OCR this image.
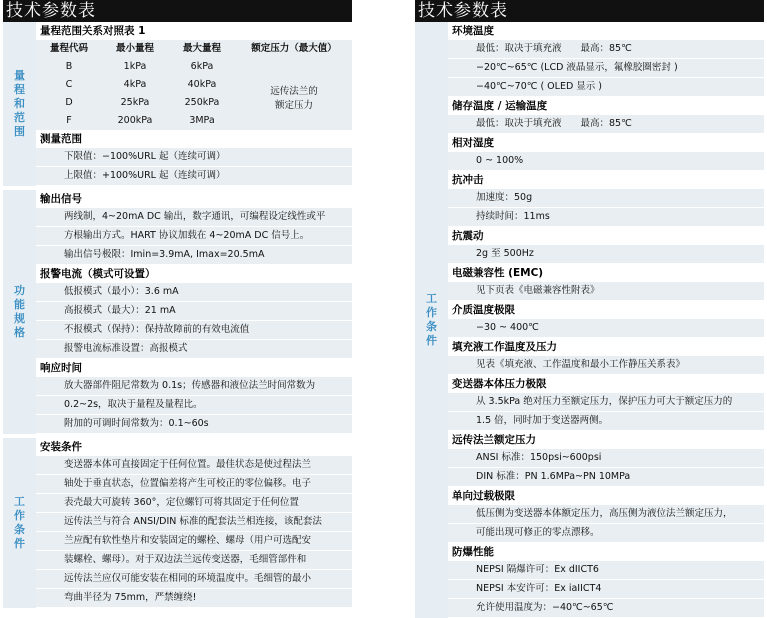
技术参数表
量
程
和
范
围
量程范围关系对照表 1
量程代码	最小量程	最大量程	额定压力（最大值）
B	1kPa	6kPa
C	4kPa	40kPa
D	25kPa	250kPa
F	200kPa	3MPa
远传法兰的
额定压力
测量范围
下限值：−100%URL 起（连续可调）
上限值：+100%URL 起（连续可调）
功
能
规
格
输出信号
两线制，4~20mA DC 输出，数字通讯，可编程设定线性或平
方根输出方式。HART 协议加载在 4~20mA DC 信号上。
输出信号极限：Imin=3.9mA, Imax=20.5mA
报警电流（模式可设置）
低报模式（最小）：3.6 mA
高报模式（最大）：21 mA
不报模式（保持）：保持故障前的有效电流值
报警电流标准设置：高报模式
响应时间
放大器部件阻尼常数为 0.1s；传感器和液位法兰时间常数为
0.2~2s，取决于量程及量程比。
附加的可调时间常数为：0.1~60s
工
作
条
件
安装条件
变送器本体可直接固定于任何位置。最佳状态是使过程法兰
轴处于垂直状态，位置偏差将产生可校正的零位偏移。电子
表壳最大可旋转 360°，定位螺钉可将其固定于任何位置
远传法兰与符合 ANSI/DIN 标准的配套法兰相连接，该配套法
兰应配有软性垫片和安装固定的螺栓、螺母（用户可选配安
装螺栓、螺母）。对于双边法兰远传变送器，毛细管部件和
远传法兰应仅可能安装在相同的环境温度中。毛细管的最小
弯曲半径为 75mm，严禁缠绕!
技术参数表
工
作
条
件
环境温度
最低：取决于填充液　　最高：85℃
−20℃~65℃ (LCD 液晶显示，氟橡胶圈密封 )
−40℃~70℃ ( OLED 显示 )
储存温度 / 运输温度
最低：取决于填充液　　最高：85℃
相对湿度
0 ~ 100%
抗冲击
加速度：50g
持续时间：11ms
抗震动
2g 至 500Hz
电磁兼容性 (EMC)
见下页表《电磁兼容性附表》
介质温度极限
−30 ~ 400℃
填充液工作温度及压力
见表《填充液、工作温度和最小工作静压关系表》
变送器本体压力极限
从 3.5kPa 绝对压力至额定压力，保护压力可大于额定压力的
1.5 倍，同时加于变送器两侧。
远传法兰额定压力
ANSI 标准：150psi~600psi
DIN 标准：PN 1.6MPa~PN 10MPa
单向过载极限
低压侧为变送器本体额定压力，高压侧为液位法兰额定压力，
可能出现可修正的零点漂移。
防爆性能
NEPSI 隔爆许可：Ex dIICT6
NEPSI 本安许可：Ex iaIICT4
允许使用温度为：−40℃~65℃
